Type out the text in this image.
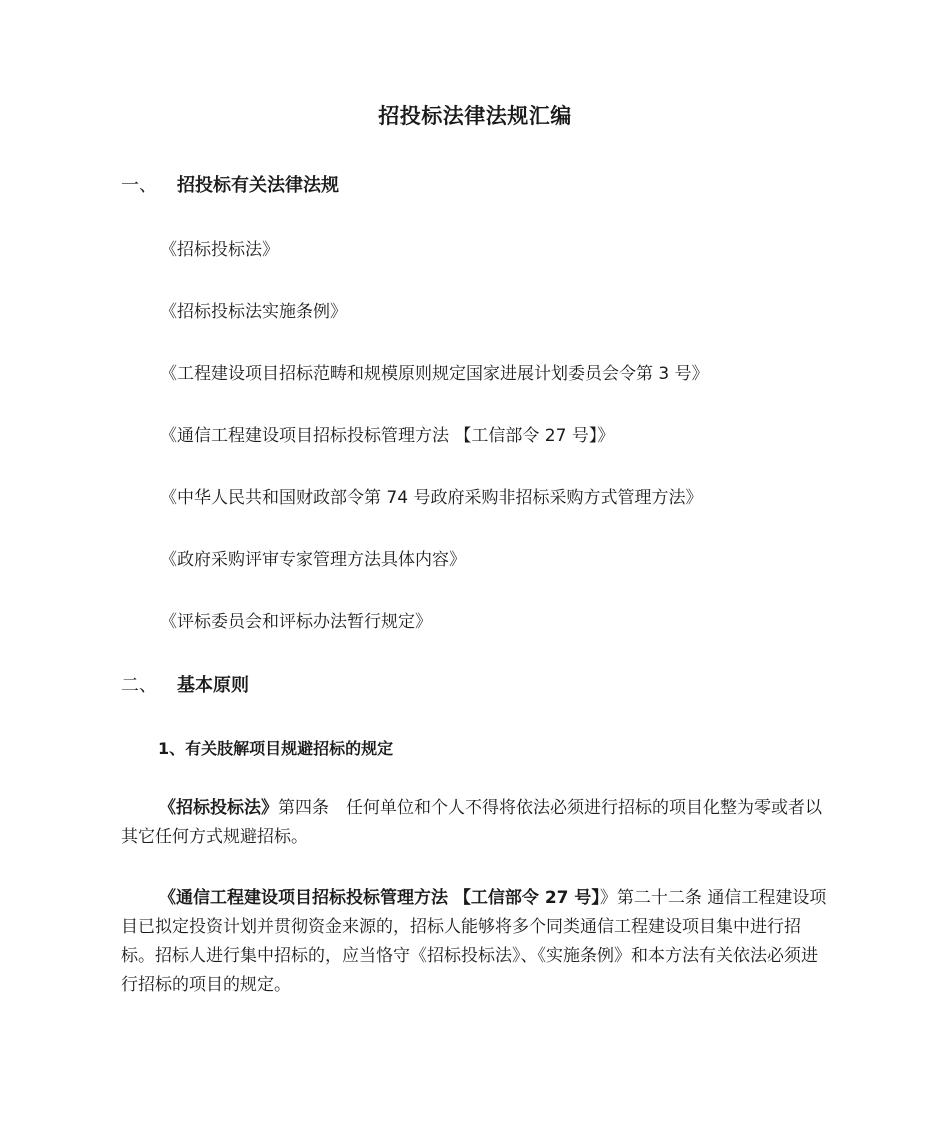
招投标法律法规汇编
一、 招投标有关法律法规
《招标投标法》
《招标投标法实施条例》
《工程建设项目招标范畴和规模原则规定国家进展计划委员会令第 3 号》
《通信工程建设项目招标投标管理方法 【工信部令 27 号】》
《中华人民共和国财政部令第 74 号政府采购非招标采购方式管理方法》
《政府采购评审专家管理方法具体内容》
《评标委员会和评标办法暂行规定》
二、 基本原则
1、有关肢解项目规避招标的规定
《招标投标法》第四条　任何单位和个人不得将依法必须进行招标的项目化整为零或者以其它任何方式规避招标。
《通信工程建设项目招标投标管理方法 【工信部令 27 号】》第二十二条 通信工程建设项目已拟定投资计划并贯彻资金来源的，招标人能够将多个同类通信工程建设项目集中进行招标。招标人进行集中招标的，应当恪守《招标投标法》、《实施条例》和本方法有关依法必须进行招标的项目的规定。
